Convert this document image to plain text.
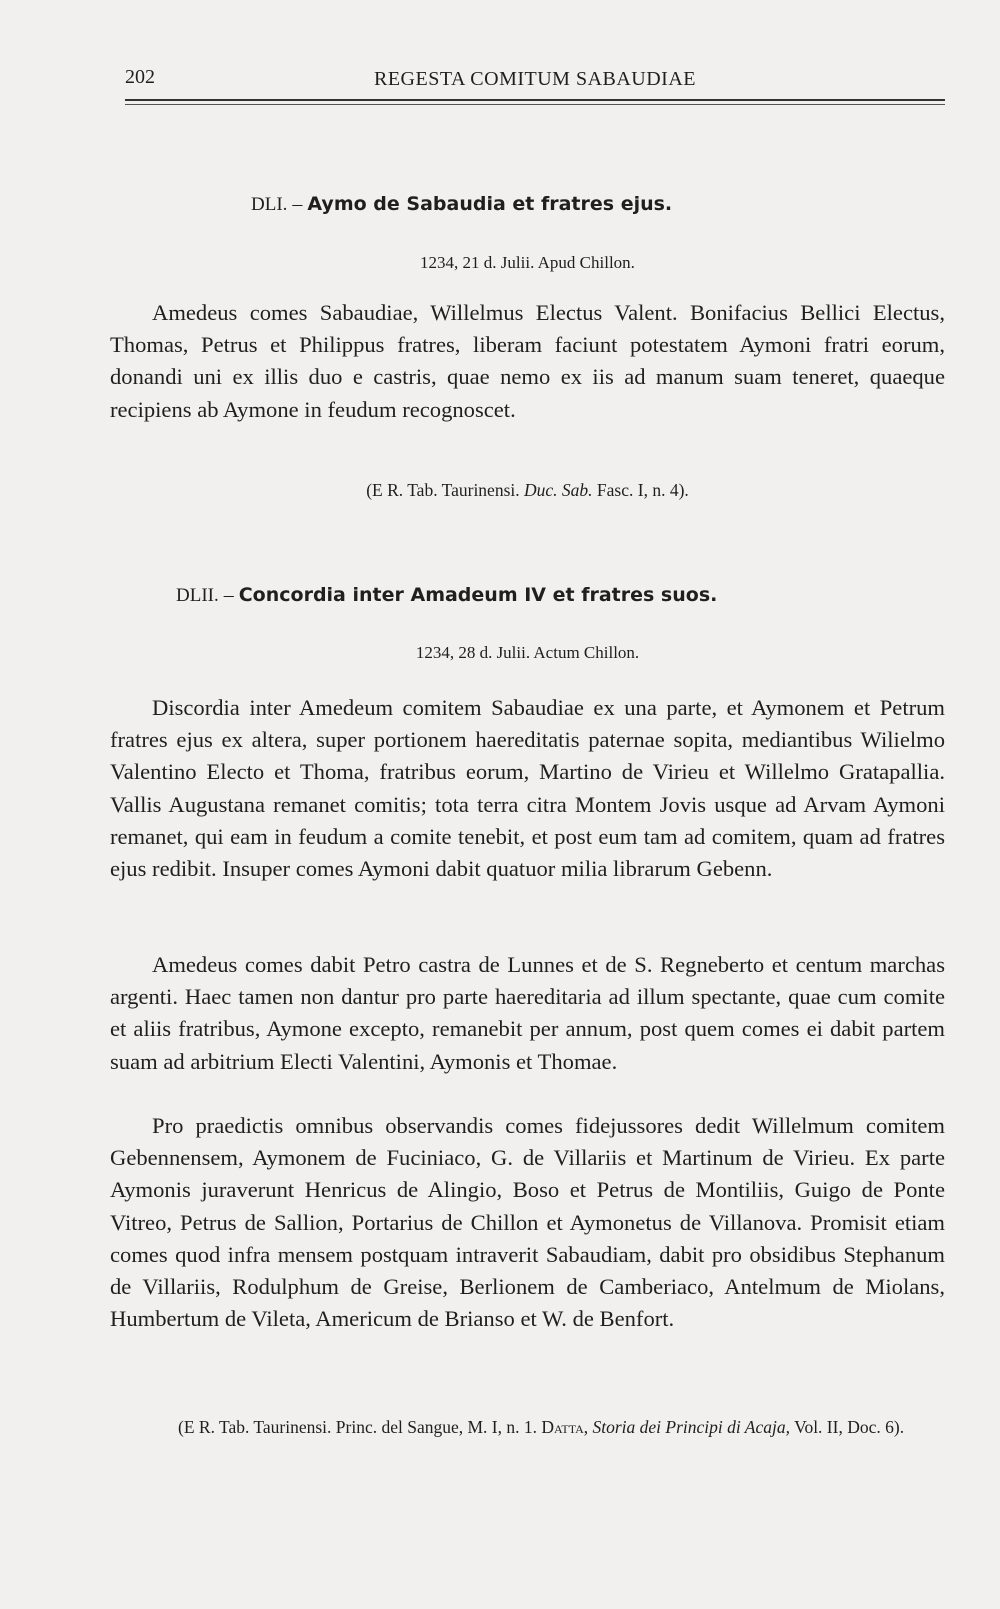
202	REGESTA COMITUM SABAUDIAE
DLI. – Aymo de Sabaudia et fratres ejus.
1234, 21 d. Julii. Apud Chillon.

Amedeus comes Sabaudiae, Willelmus Electus Valent. Bonifacius Bellici Electus, Thomas, Petrus et Philippus fratres, liberam faciunt potestatem Aymoni fratri eorum, donandi uni ex illis duo e castris, quae nemo ex iis ad manum suam teneret, quaeque recipiens ab Aymone in feudum recognoscet.

(E R. Tab. Taurinensi. Duc. Sab. Fasc. I, n. 4).
DLII. – Concordia inter Amadeum IV et fratres suos.
1234, 28 d. Julii. Actum Chillon.

Discordia inter Amedeum comitem Sabaudiae ex una parte, et Aymonem et Petrum fratres ejus ex altera, super portionem haereditatis paternae sopita, mediantibus Wilielmo Valentino Electo et Thoma, fratribus eorum, Martino de Virieu et Willelmo Gratapallia. Vallis Augustana remanet comitis; tota terra citra Montem Jovis usque ad Arvam Aymoni remanet, qui eam in feudum a comite tenebit, et post eum tam ad comitem, quam ad fratres ejus redibit. Insuper comes Aymoni dabit quatuor milia librarum Gebenn.

Amedeus comes dabit Petro castra de Lunnes et de S. Regneberto et centum marchas argenti. Haec tamen non dantur pro parte haereditaria ad illum spectante, quae cum comite et aliis fratribus, Aymone excepto, remanebit per annum, post quem comes ei dabit partem suam ad arbitrium Electi Valentini, Aymonis et Thomae.

Pro praedictis omnibus observandis comes fidejussores dedit Willelmum comitem Gebennensem, Aymonem de Fuciniaco, G. de Villariis et Martinum de Virieu. Ex parte Aymonis juraverunt Henricus de Alingio, Boso et Petrus de Montiliis, Guigo de Ponte Vitreo, Petrus de Sallion, Portarius de Chillon et Aymonetus de Villanova. Promisit etiam comes quod infra mensem postquam intraverit Sabaudiam, dabit pro obsidibus Stephanum de Villariis, Rodulphum de Greise, Berlionem de Camberiaco, Antelmum de Miolans, Humbertum de Vileta, Americum de Brianso et W. de Benfort.

(E R. Tab. Taurinensi. Princ. del Sangue, M. I, n. 1. Datta, Storia dei Principi di Acaja, Vol. II, Doc. 6).
